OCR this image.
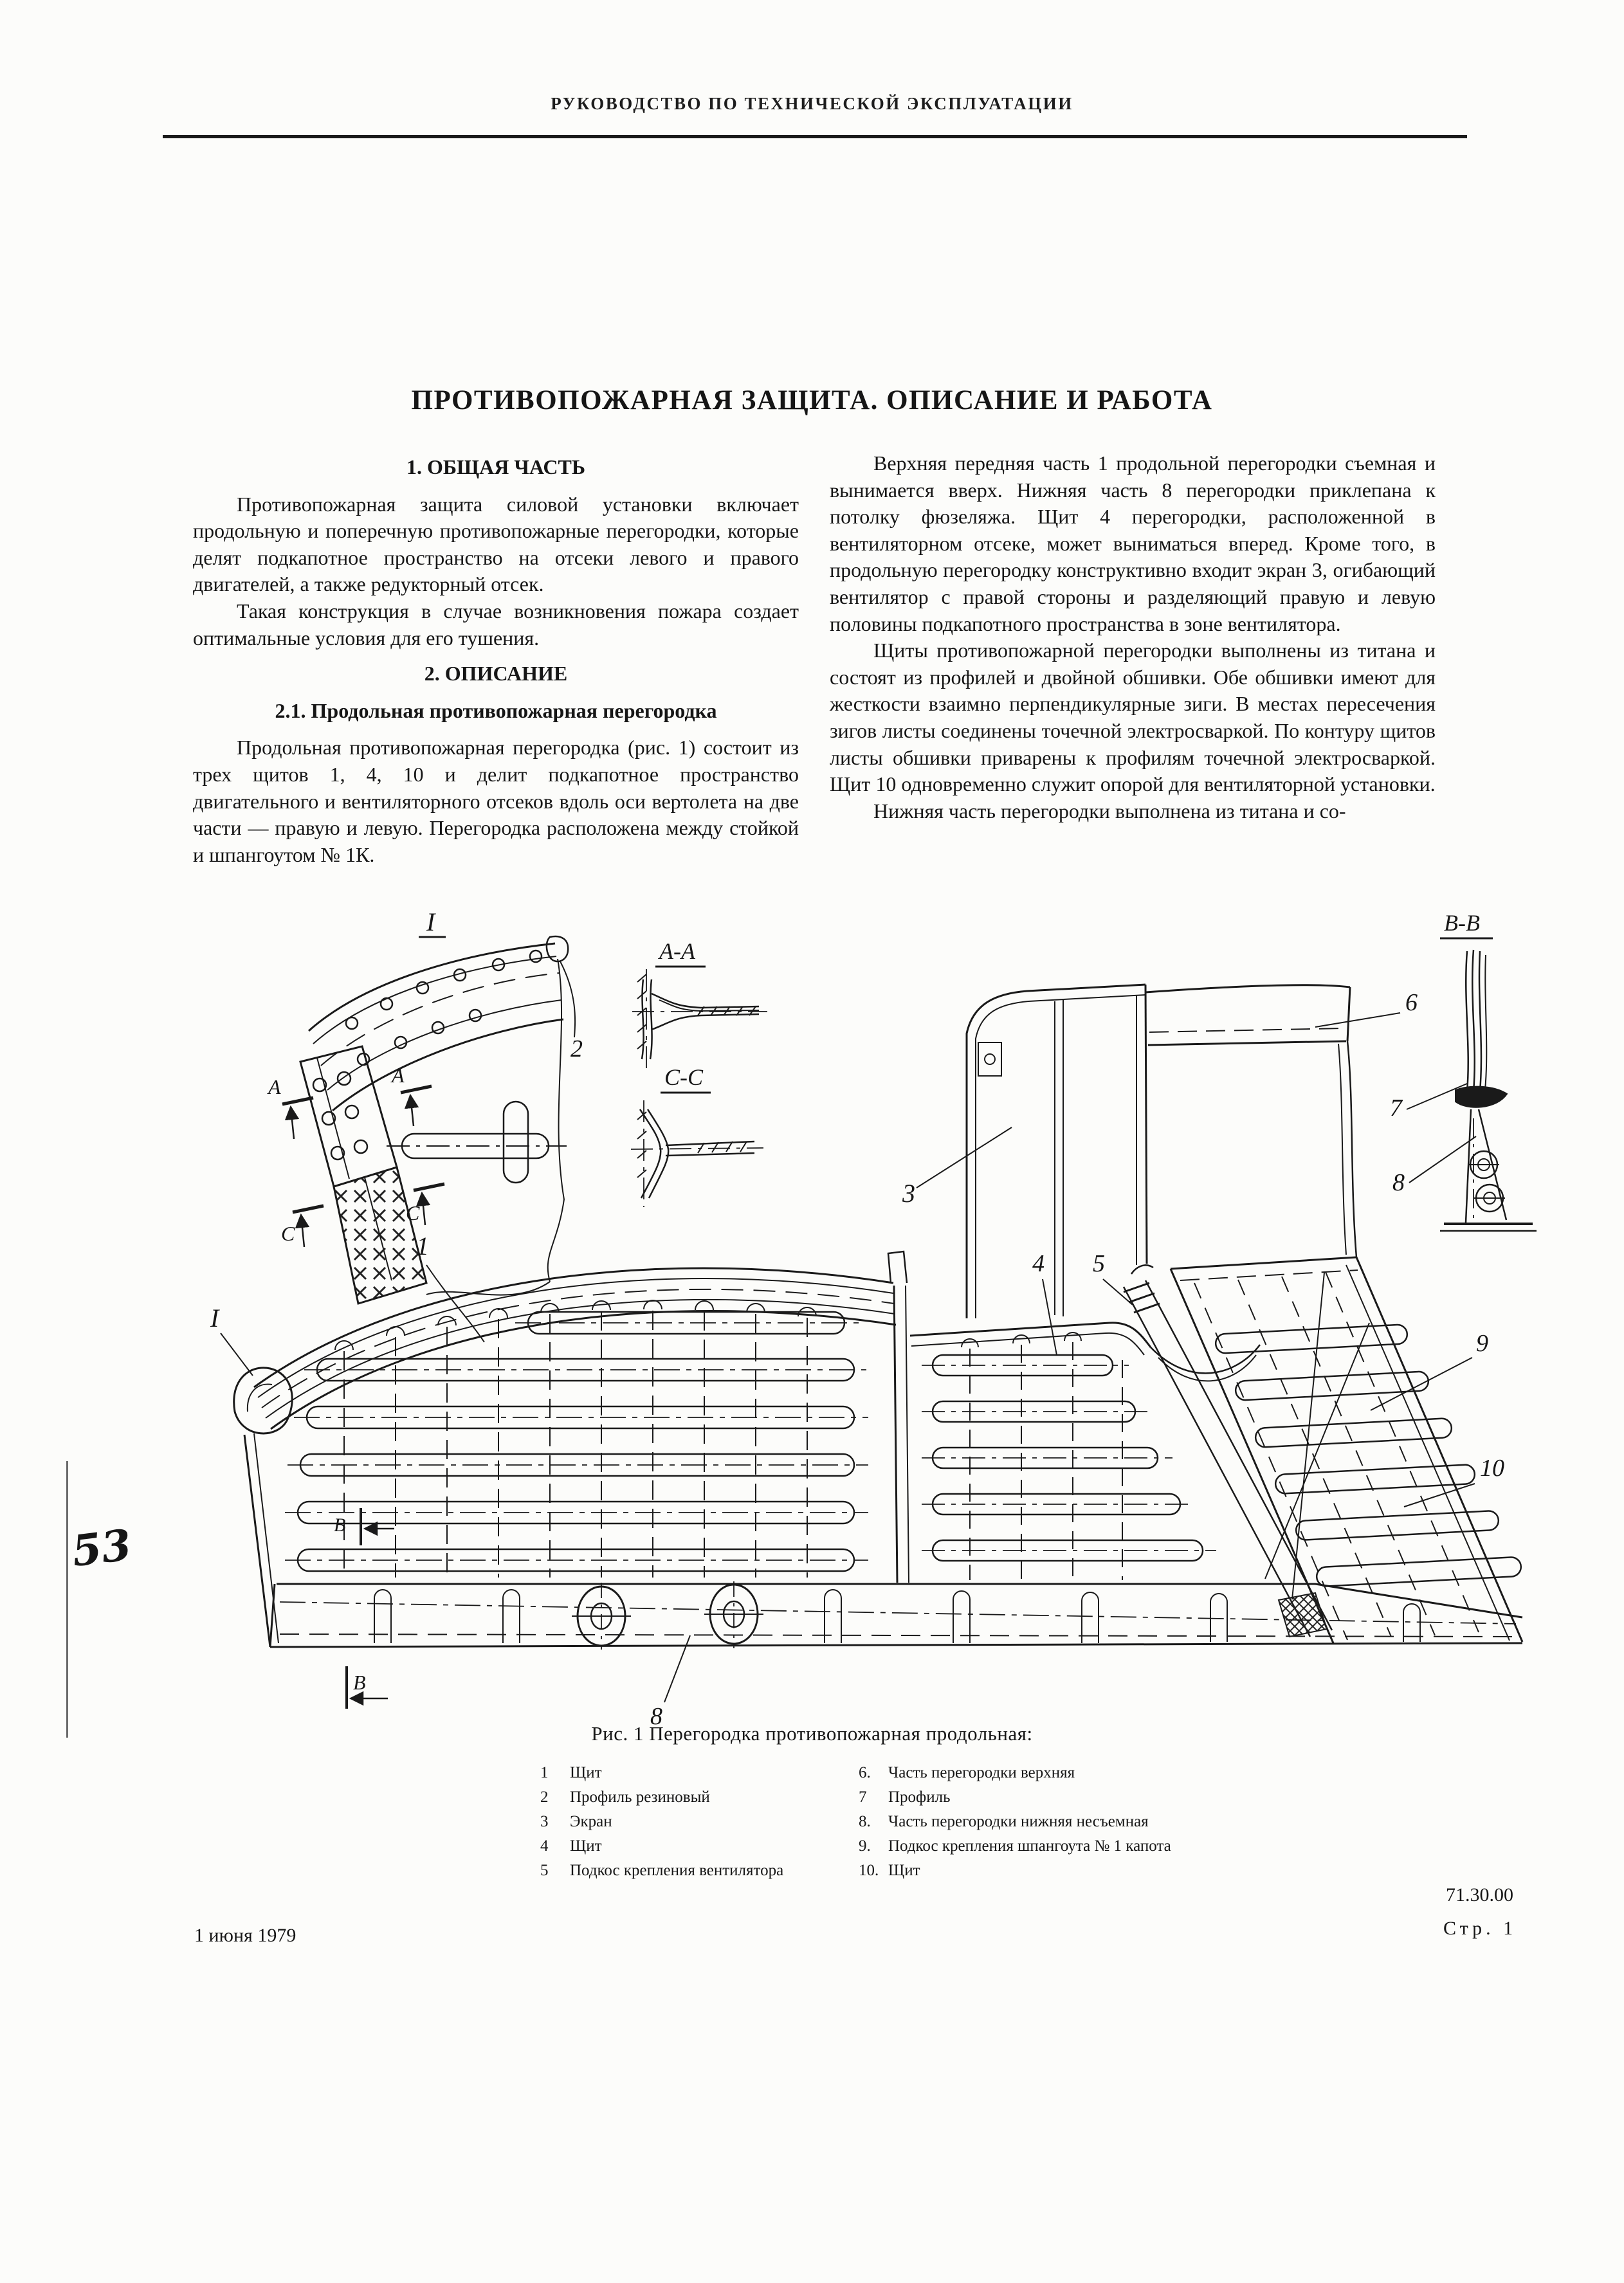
РУКОВОДСТВО ПО ТЕХНИЧЕСКОЙ ЭКСПЛУАТАЦИИ
ПРОТИВОПОЖАРНАЯ ЗАЩИТА. ОПИСАНИЕ И РАБОТА
1. ОБЩАЯ ЧАСТЬ

Противопожарная защита силовой установки включает продольную и поперечную противопожарные перегородки, которые делят подкапотное пространство на отсеки левого и правого двигателей, а также редукторный отсек.

Такая конструкция в случае возникновения пожара создает оптимальные условия для его тушения.

2. ОПИСАНИЕ
2.1. Продольная противопожарная перегородка

Продольная противопожарная перегородка (рис. 1) состоит из трех щитов 1, 4, 10 и делит подкапотное пространство двигательного и вентиляторного отсеков вдоль оси вертолета на две части — правую и левую. Перегородка расположена между стойкой и шпангоутом № 1К.

Верхняя передняя часть 1 продольной перегородки съемная и вынимается вверх. Нижняя часть 8 перегородки приклепана к потолку фюзеляжа. Щит 4 перегородки, расположенной в вентиляторном отсеке, может выниматься вперед. Кроме того, в продольную перегородку конструктивно входит экран 3, огибающий вентилятор с правой стороны и разделяющий правую и левую половины подкапотного пространства в зоне вентилятора.

Щиты противопожарной перегородки выполнены из титана и состоят из профилей и двойной обшивки. Обе обшивки имеют для жесткости взаимно перпендикулярные зиги. В местах пересечения зигов листы соединены точечной электросваркой. По контуру щитов листы обшивки приварены к профилям точечной электросваркой. Щит 10 одновременно служит опорой для вентиляторной установки.

Нижняя часть перегородки выполнена из титана и со-

I
А	А
С
С
2
А-А
С-С
В-В
6
7
8
3
I
1
В
4 5
9
10
8
В
Рис. 1 Перегородка противопожарная продольная:
1	Щит
2	Профиль резиновый
3	Экран
4	Щит
5	Подкос крепления вентилятора
6.	Часть перегородки верхняя
7	Профиль
8.	Часть перегородки нижняя несъемная
9.	Подкос крепления шпангоута № 1 капота
10. Щит
53
1 июня 1979
71.30.00
Стр. 1
